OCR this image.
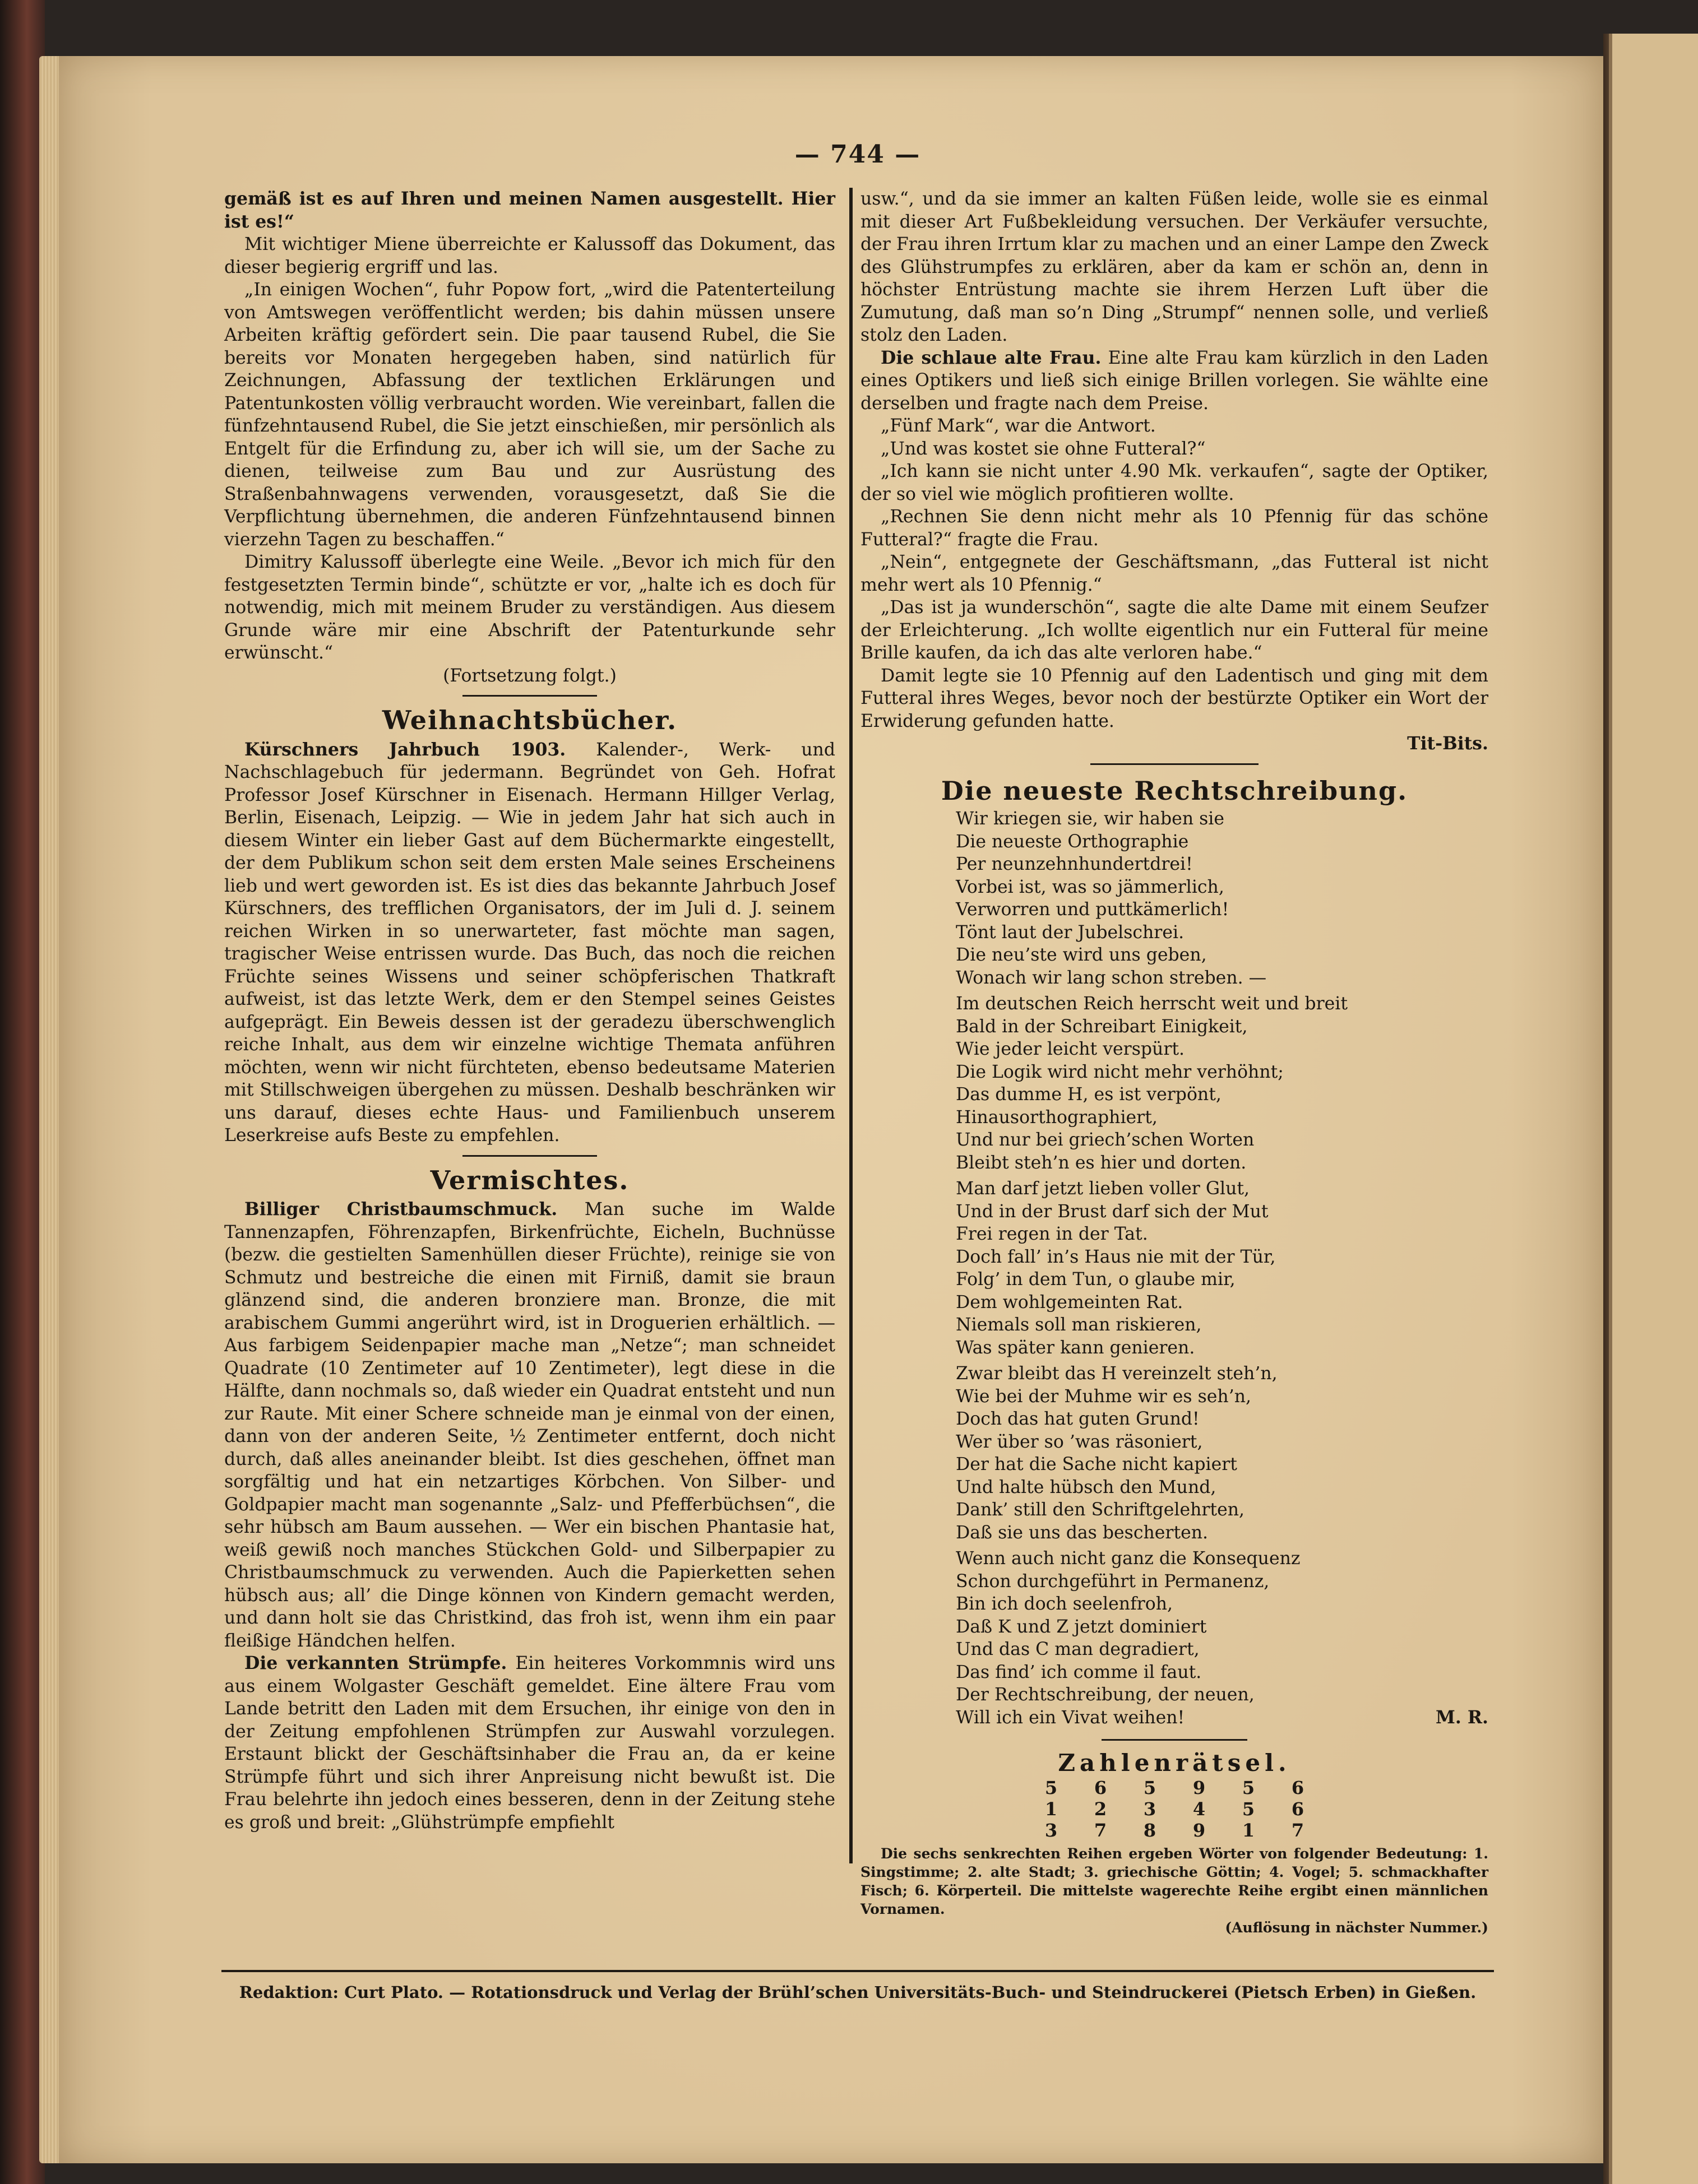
— 744 —

gemäß ist es auf Ihren und meinen Namen ausgestellt. Hier ist es!“

Mit wichtiger Miene überreichte er Kalussoff das Dokument, das dieser begierig ergriff und las.

„In einigen Wochen“, fuhr Popow fort, „wird die Patenterteilung von Amtswegen veröffentlicht werden; bis dahin müssen unsere Arbeiten kräftig gefördert sein. Die paar tausend Rubel, die Sie bereits vor Monaten hergegeben haben, sind natürlich für Zeichnungen, Abfassung der textlichen Erklärungen und Patentunkosten völlig verbraucht worden. Wie vereinbart, fallen die fünfzehntausend Rubel, die Sie jetzt einschießen, mir persönlich als Entgelt für die Erfindung zu, aber ich will sie, um der Sache zu dienen, teilweise zum Bau und zur Ausrüstung des Straßenbahnwagens verwenden, vorausgesetzt, daß Sie die Verpflichtung übernehmen, die anderen Fünfzehntausend binnen vierzehn Tagen zu beschaffen.“

Dimitry Kalussoff überlegte eine Weile. „Bevor ich mich für den festgesetzten Termin binde“, schützte er vor, „halte ich es doch für notwendig, mich mit meinem Bruder zu verständigen. Aus diesem Grunde wäre mir eine Abschrift der Patenturkunde sehr erwünscht.“

(Fortsetzung folgt.)

Weihnachtsbücher.

Kürschners Jahrbuch 1903. Kalender-, Werk- und Nachschlagebuch für jedermann. Begründet von Geh. Hofrat Professor Josef Kürschner in Eisenach. Hermann Hillger Verlag, Berlin, Eisenach, Leipzig. — Wie in jedem Jahr hat sich auch in diesem Winter ein lieber Gast auf dem Büchermarkte eingestellt, der dem Publikum schon seit dem ersten Male seines Erscheinens lieb und wert geworden ist. Es ist dies das bekannte Jahrbuch Josef Kürschners, des trefflichen Organisators, der im Juli d. J. seinem reichen Wirken in so unerwarteter, fast möchte man sagen, tragischer Weise entrissen wurde. Das Buch, das noch die reichen Früchte seines Wissens und seiner schöpferischen Thatkraft aufweist, ist das letzte Werk, dem er den Stempel seines Geistes aufgeprägt. Ein Beweis dessen ist der geradezu überschwenglich reiche Inhalt, aus dem wir einzelne wichtige Themata anführen möchten, wenn wir nicht fürchteten, ebenso bedeutsame Materien mit Stillschweigen übergehen zu müssen. Deshalb beschränken wir uns darauf, dieses echte Haus- und Familienbuch unserem Leserkreise aufs Beste zu empfehlen.

Vermischtes.

Billiger Christbaumschmuck. Man suche im Walde Tannenzapfen, Föhrenzapfen, Birkenfrüchte, Eicheln, Buchnüsse (bezw. die gestielten Samenhüllen dieser Früchte), reinige sie von Schmutz und bestreiche die einen mit Firniß, damit sie braun glänzend sind, die anderen bronziere man. Bronze, die mit arabischem Gummi angerührt wird, ist in Droguerien erhältlich. — Aus farbigem Seidenpapier mache man „Netze“; man schneidet Quadrate (10 Zentimeter auf 10 Zentimeter), legt diese in die Hälfte, dann nochmals so, daß wieder ein Quadrat entsteht und nun zur Raute. Mit einer Schere schneide man je einmal von der einen, dann von der anderen Seite, ½ Zentimeter entfernt, doch nicht durch, daß alles aneinander bleibt. Ist dies geschehen, öffnet man sorgfältig und hat ein netzartiges Körbchen. Von Silber- und Goldpapier macht man sogenannte „Salz- und Pfefferbüchsen“, die sehr hübsch am Baum aussehen. — Wer ein bischen Phantasie hat, weiß gewiß noch manches Stückchen Gold- und Silberpapier zu Christbaumschmuck zu verwenden. Auch die Papierketten sehen hübsch aus; all’ die Dinge können von Kindern gemacht werden, und dann holt sie das Christkind, das froh ist, wenn ihm ein paar fleißige Händchen helfen.

Die verkannten Strümpfe. Ein heiteres Vorkommnis wird uns aus einem Wolgaster Geschäft gemeldet. Eine ältere Frau vom Lande betritt den Laden mit dem Ersuchen, ihr einige von den in der Zeitung empfohlenen Strümpfen zur Auswahl vorzulegen. Erstaunt blickt der Geschäftsinhaber die Frau an, da er keine Strümpfe führt und sich ihrer Anpreisung nicht bewußt ist. Die Frau belehrte ihn jedoch eines besseren, denn in der Zeitung stehe es groß und breit: „Glühstrümpfe empfiehlt

usw.“, und da sie immer an kalten Füßen leide, wolle sie es einmal mit dieser Art Fußbekleidung versuchen. Der Verkäufer versuchte, der Frau ihren Irrtum klar zu machen und an einer Lampe den Zweck des Glühstrumpfes zu erklären, aber da kam er schön an, denn in höchster Entrüstung machte sie ihrem Herzen Luft über die Zumutung, daß man so’n Ding „Strumpf“ nennen solle, und verließ stolz den Laden.

Die schlaue alte Frau. Eine alte Frau kam kürzlich in den Laden eines Optikers und ließ sich einige Brillen vorlegen. Sie wählte eine derselben und fragte nach dem Preise.

„Fünf Mark“, war die Antwort.

„Und was kostet sie ohne Futteral?“

„Ich kann sie nicht unter 4.90 Mk. verkaufen“, sagte der Optiker, der so viel wie möglich profitieren wollte.

„Rechnen Sie denn nicht mehr als 10 Pfennig für das schöne Futteral?“ fragte die Frau.

„Nein“, entgegnete der Geschäftsmann, „das Futteral ist nicht mehr wert als 10 Pfennig.“

„Das ist ja wunderschön“, sagte die alte Dame mit einem Seufzer der Erleichterung. „Ich wollte eigentlich nur ein Futteral für meine Brille kaufen, da ich das alte verloren habe.“

Damit legte sie 10 Pfennig auf den Ladentisch und ging mit dem Futteral ihres Weges, bevor noch der bestürzte Optiker ein Wort der Erwiderung gefunden hatte.

Tit-Bits.

Die neueste Rechtschreibung.
Wir kriegen sie, wir haben sie
Die neueste Orthographie
Per neunzehnhundertdrei!
Vorbei ist, was so jämmerlich,
Verworren und puttkämerlich!
Tönt laut der Jubelschrei.
Die neu’ste wird uns geben,
Wonach wir lang schon streben. —
Im deutschen Reich herrscht weit und breit
Bald in der Schreibart Einigkeit,
Wie jeder leicht verspürt.
Die Logik wird nicht mehr verhöhnt;
Das dumme H, es ist verpönt,
Hinausorthographiert,
Und nur bei griech’schen Worten
Bleibt steh’n es hier und dorten.
Man darf jetzt lieben voller Glut,
Und in der Brust darf sich der Mut
Frei regen in der Tat.
Doch fall’ in’s Haus nie mit der Tür,
Folg’ in dem Tun, o glaube mir,
Dem wohlgemeinten Rat.
Niemals soll man riskieren,
Was später kann genieren.
Zwar bleibt das H vereinzelt steh’n,
Wie bei der Muhme wir es seh’n,
Doch das hat guten Grund!
Wer über so ’was räsoniert,
Der hat die Sache nicht kapiert
Und halte hübsch den Mund,
Dank’ still den Schriftgelehrten,
Daß sie uns das bescherten.
Wenn auch nicht ganz die Konsequenz
Schon durchgeführt in Permanenz,
Bin ich doch seelenfroh,
Daß K und Z jetzt dominiert
Und das C man degradiert,
Das find’ ich comme il faut.
Der Rechtschreibung, der neuen,
Will ich ein Vivat weihen!	M. R.
Zahlenrätsel.
5	6	5	9	5	6
1	2	3	4	5	6
3	7	8	9	1	7

Die sechs senkrechten Reihen ergeben Wörter von folgender Bedeutung: 1. Singstimme; 2. alte Stadt; 3. griechische Göttin; 4. Vogel; 5. schmackhafter Fisch; 6. Körperteil. Die mittelste wagerechte Reihe ergibt einen männlichen Vornamen.

(Auflösung in nächster Nummer.)

Redaktion: Curt Plato. — Rotationsdruck und Verlag der Brühl’schen Universitäts-Buch- und Steindruckerei (Pietsch Erben) in Gießen.
